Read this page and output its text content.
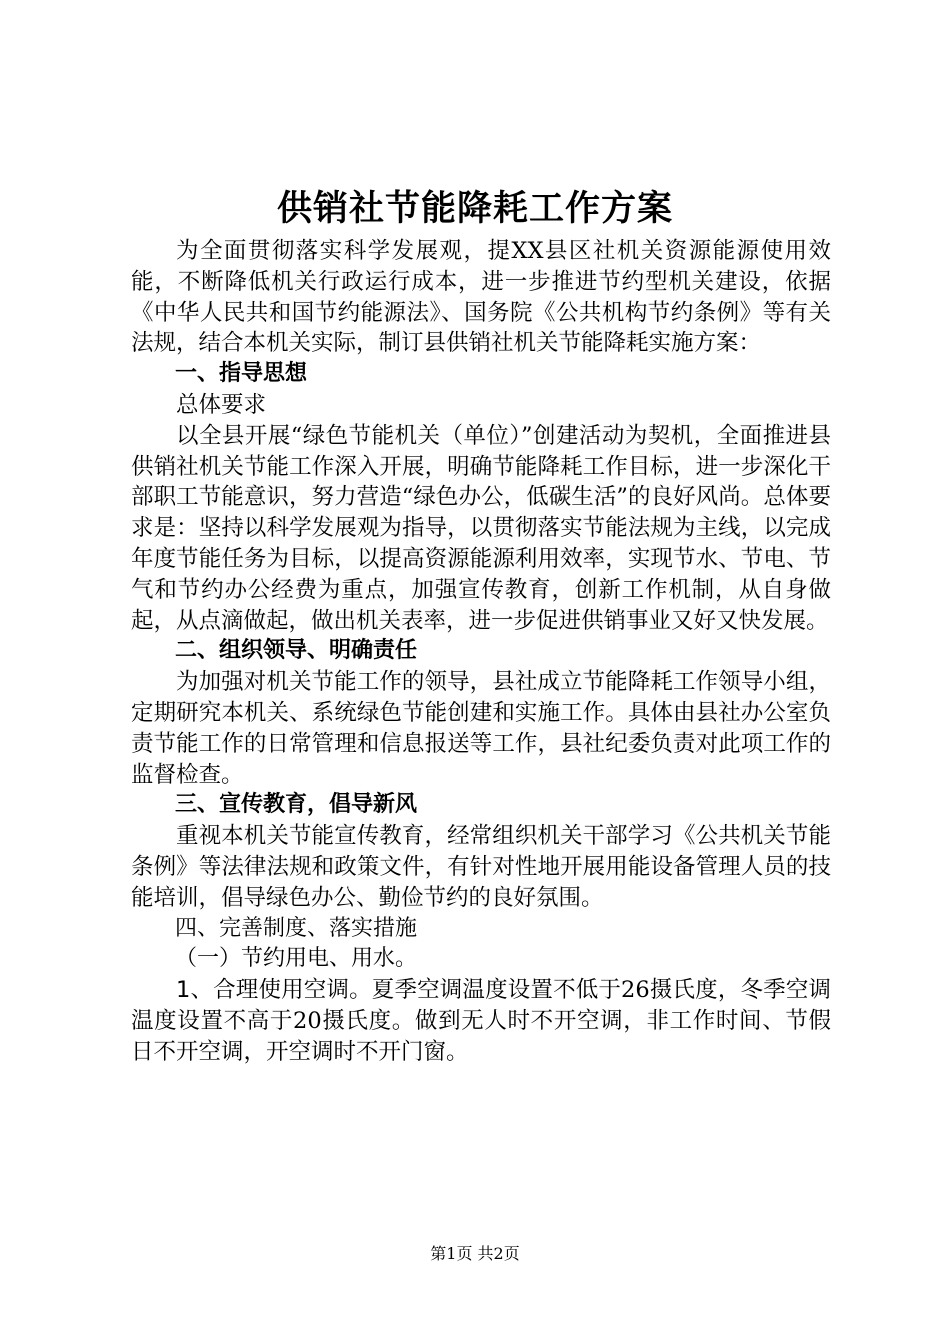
供销社节能降耗工作方案

为全面贯彻落实科学发展观，提XX县区社机关资源能源使用效能，不断降低机关行政运行成本，进一步推进节约型机关建设，依据《中华人民共和国节约能源法》、国务院《公共机构节约条例》等有关法规，结合本机关实际，制订县供销社机关节能降耗实施方案：

一、指导思想

总体要求

以全县开展“绿色节能机关（单位）”创建活动为契机，全面推进县供销社机关节能工作深入开展，明确节能降耗工作目标，进一步深化干部职工节能意识，努力营造“绿色办公，低碳生活”的良好风尚。总体要求是：坚持以科学发展观为指导，以贯彻落实节能法规为主线，以完成年度节能任务为目标，以提高资源能源利用效率，实现节水、节电、节气和节约办公经费为重点，加强宣传教育，创新工作机制，从自身做起，从点滴做起，做出机关表率，进一步促进供销事业又好又快发展。

二、组织领导、明确责任

为加强对机关节能工作的领导，县社成立节能降耗工作领导小组，定期研究本机关、系统绿色节能创建和实施工作。具体由县社办公室负责节能工作的日常管理和信息报送等工作，县社纪委负责对此项工作的监督检查。

三、宣传教育，倡导新风

重视本机关节能宣传教育，经常组织机关干部学习《公共机关节能条例》等法律法规和政策文件，有针对性地开展用能设备管理人员的技能培训，倡导绿色办公、勤俭节约的良好氛围。

四、完善制度、落实措施

（一）节约用电、用水。

1、合理使用空调。夏季空调温度设置不低于26摄氏度，冬季空调温度设置不高于20摄氏度。做到无人时不开空调，非工作时间、节假日不开空调，开空调时不开门窗。

第1页 共2页
